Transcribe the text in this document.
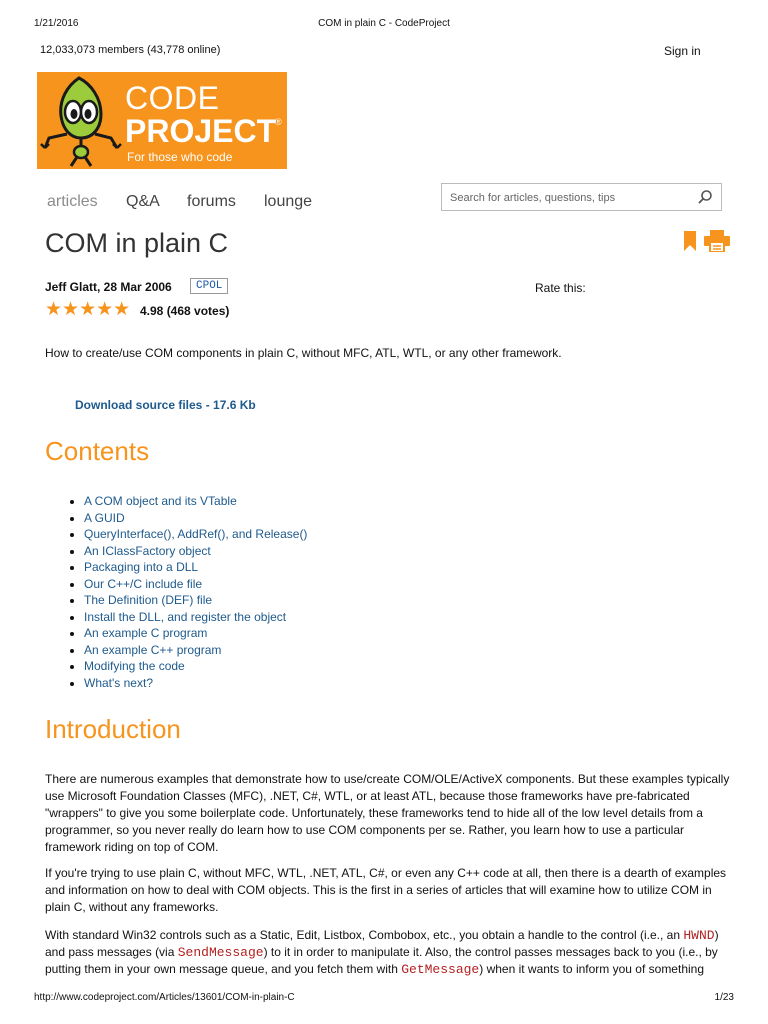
1/21/2016	COM in plain C - CodeProject
12,033,073 members (43,778 online)	Sign in
CODE
PROJECT
®
For those who code
articles Q&A forums lounge
Search for articles, questions, tips
COM in plain C
Jeff Glatt, 28 Mar 2006	CPOL	Rate this:
★★★★★ 4.98 (468 votes)
How to create/use COM components in plain C, without MFC, ATL, WTL, or any other framework.
Download source files - 17.6 Kb
Contents
• A COM object and its VTable
• A GUID
• QueryInterface(), AddRef(), and Release()
• An IClassFactory object
• Packaging into a DLL
• Our C++/C include file
• The Definition (DEF) file
• Install the DLL, and register the object
• An example C program
• An example C++ program
• Modifying the code
• What's next?
Introduction

There are numerous examples that demonstrate how to use/create COM/OLE/ActiveX components. But these examples typically use Microsoft Foundation Classes (MFC), .NET, C#, WTL, or at least ATL, because those frameworks have pre-fabricated "wrappers" to give you some boilerplate code. Unfortunately, these frameworks tend to hide all of the low level details from a programmer, so you never really do learn how to use COM components per se. Rather, you learn how to use a particular framework riding on top of COM.

If you're trying to use plain C, without MFC, WTL, .NET, ATL, C#, or even any C++ code at all, then there is a dearth of examples and information on how to deal with COM objects. This is the first in a series of articles that will examine how to utilize COM in plain C, without any frameworks.

With standard Win32 controls such as a Static, Edit, Listbox, Combobox, etc., you obtain a handle to the control (i.e., an HWND) and pass messages (via SendMessage) to it in order to manipulate it. Also, the control passes messages back to you (i.e., by putting them in your own message queue, and you fetch them with GetMessage) when it wants to inform you of something

http://www.codeproject.com/Articles/13601/COM-in-plain-C	1/23
